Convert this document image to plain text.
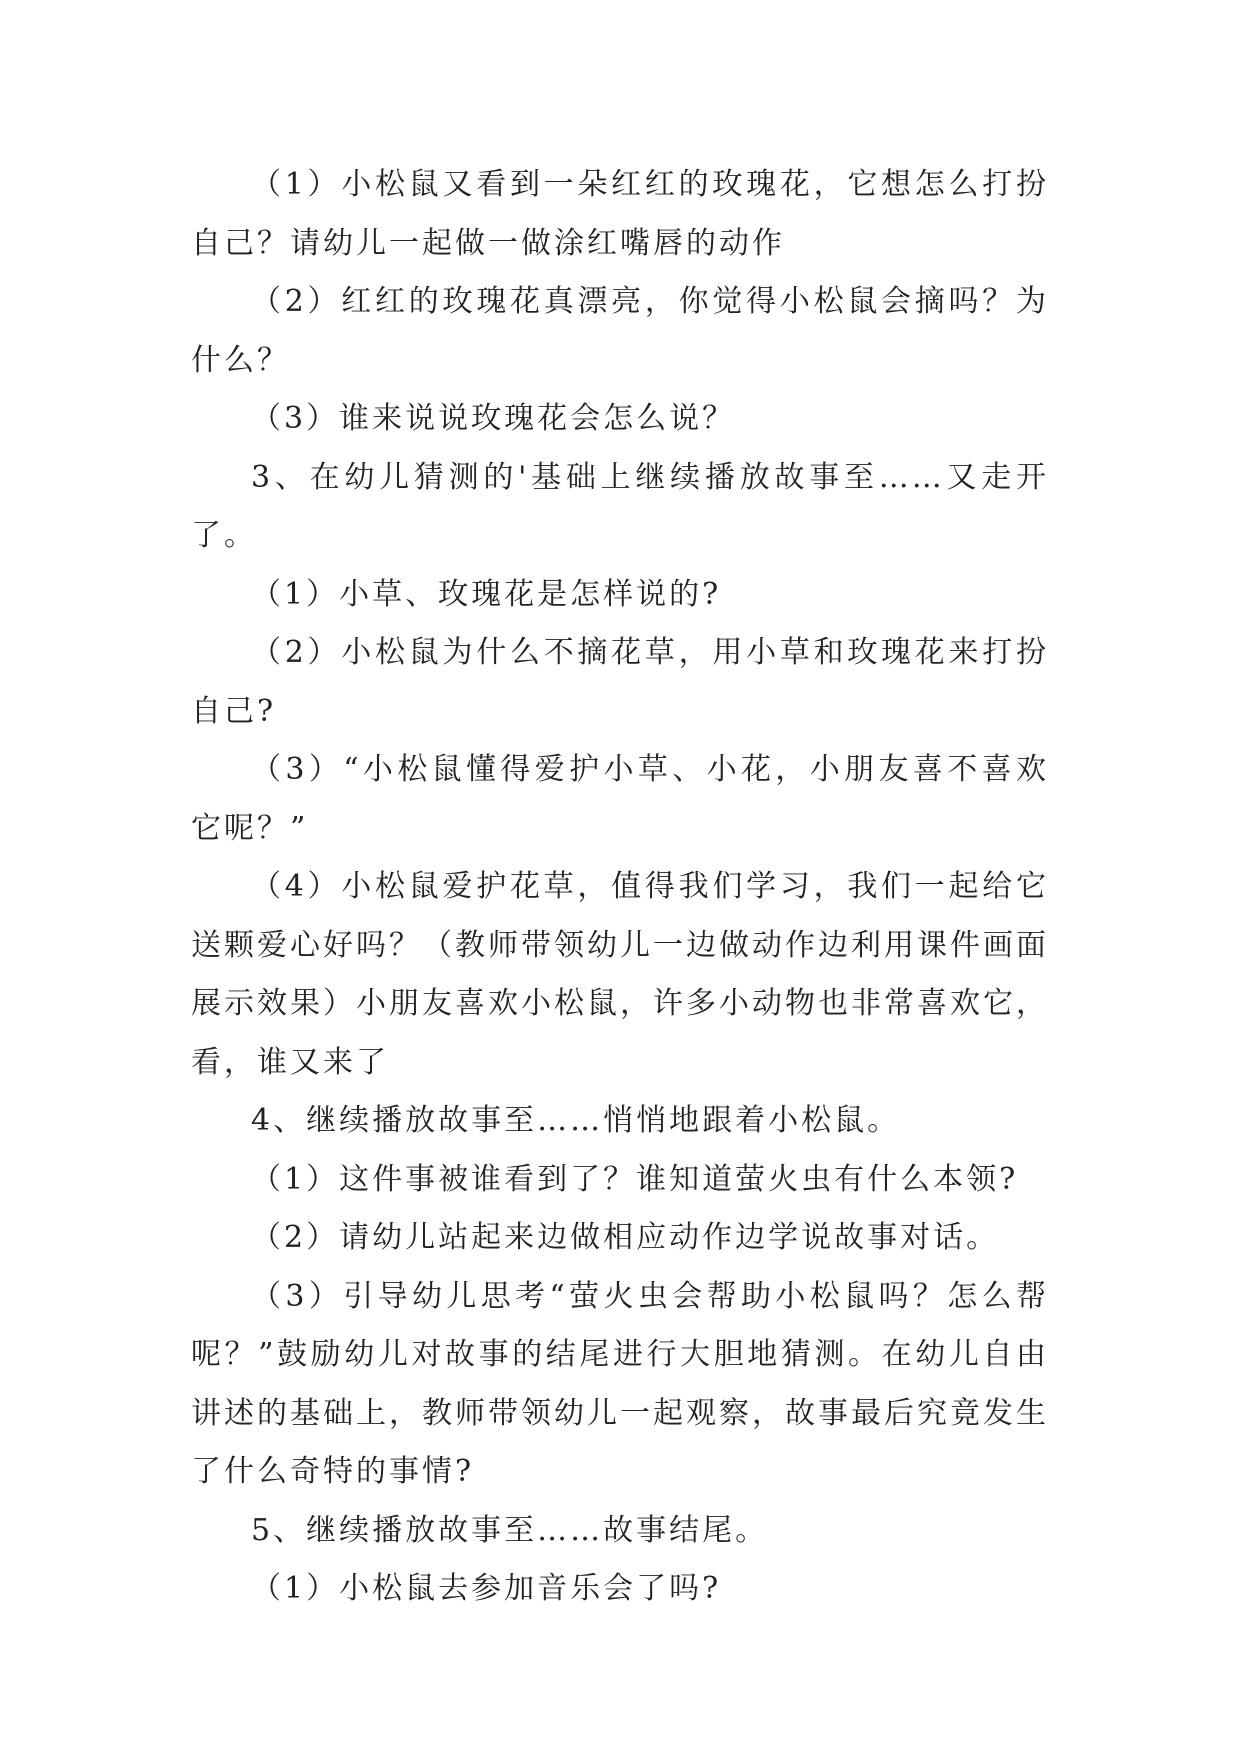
（1）小松鼠又看到一朵红红的玫瑰花，它想怎么打扮自己？请幼儿一起做一做涂红嘴唇的动作

（2）红红的玫瑰花真漂亮，你觉得小松鼠会摘吗？为什么？

（3）谁来说说玫瑰花会怎么说？

3、在幼儿猜测的'基础上继续播放故事至……又走开了。

（1）小草、玫瑰花是怎样说的?

（2）小松鼠为什么不摘花草，用小草和玫瑰花来打扮自己?

（3）“小松鼠懂得爱护小草、小花，小朋友喜不喜欢它呢？”

（4）小松鼠爱护花草，值得我们学习，我们一起给它送颗爱心好吗？（教师带领幼儿一边做动作边利用课件画面展示效果）小朋友喜欢小松鼠，许多小动物也非常喜欢它，看，谁又来了

4、继续播放故事至……悄悄地跟着小松鼠。

（1）这件事被谁看到了？谁知道萤火虫有什么本领?

（2）请幼儿站起来边做相应动作边学说故事对话。

（3）引导幼儿思考“萤火虫会帮助小松鼠吗？怎么帮呢？”鼓励幼儿对故事的结尾进行大胆地猜测。在幼儿自由讲述的基础上，教师带领幼儿一起观察，故事最后究竟发生了什么奇特的事情?

5、继续播放故事至……故事结尾。

（1）小松鼠去参加音乐会了吗?
